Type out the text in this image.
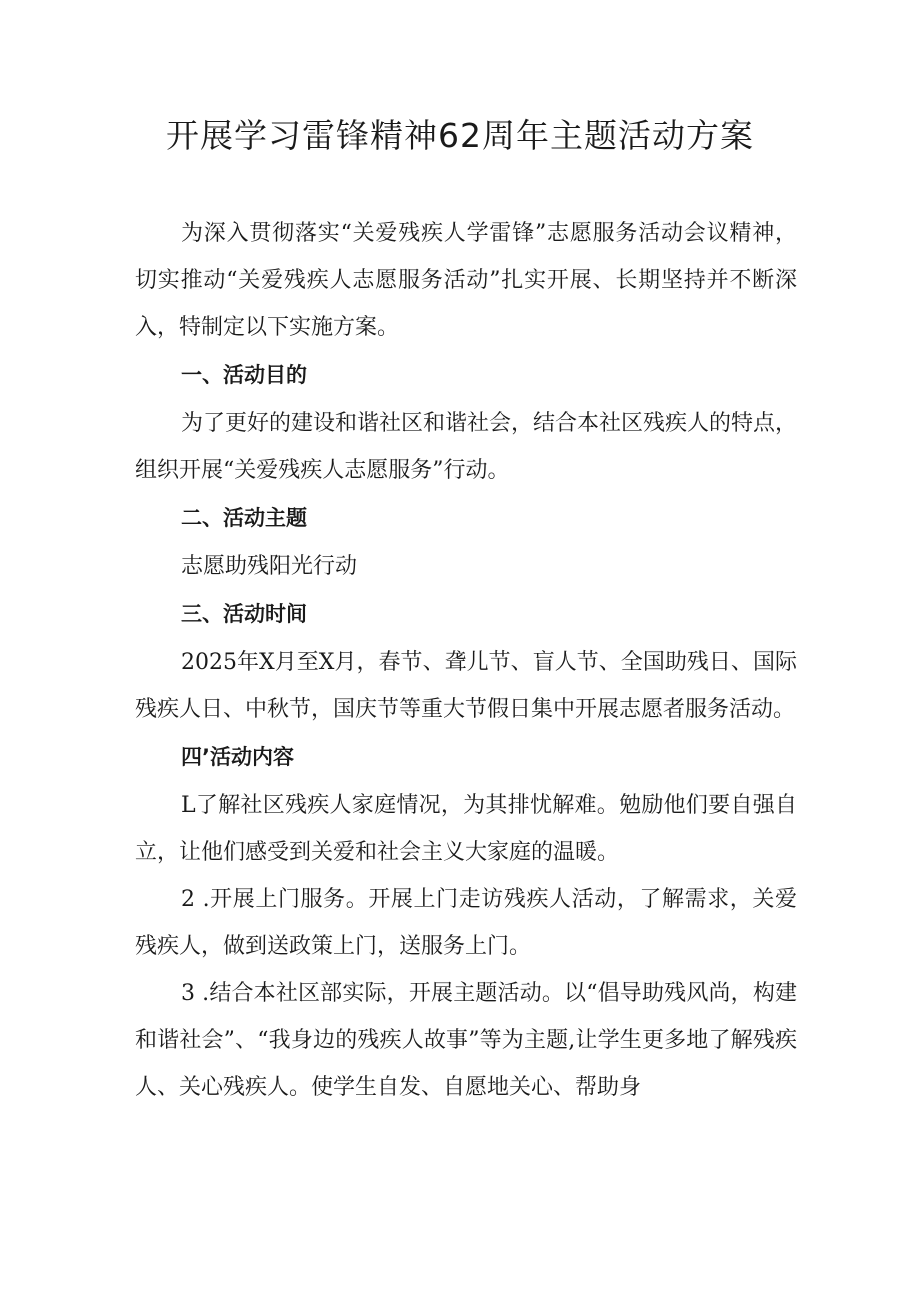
开展学习雷锋精神62周年主题活动方案

为深入贯彻落实“关爱残疾人学雷锋”志愿服务活动会议精神，切实推动“关爱残疾人志愿服务活动”扎实开展、长期坚持并不断深入，特制定以下实施方案。

一、活动目的

为了更好的建设和谐社区和谐社会，结合本社区残疾人的特点，组织开展“关爱残疾人志愿服务”行动。

二、活动主题

志愿助残阳光行动

三、活动时间

2025年X月至X月，春节、聋儿节、盲人节、全国助残日、国际残疾人日、中秋节，国庆节等重大节假日集中开展志愿者服务活动。

四’活动内容

L了解社区残疾人家庭情况，为其排忧解难。勉励他们要自强自立，让他们感受到关爱和社会主义大家庭的温暖。

2 .开展上门服务。开展上门走访残疾人活动，了解需求，关爱残疾人，做到送政策上门，送服务上门。

3 .结合本社区部实际，开展主题活动。以“倡导助残风尚，构建和谐社会”、“我身边的残疾人故事”等为主题,让学生更多地了解残疾人、关心残疾人。使学生自发、自愿地关心、帮助身
